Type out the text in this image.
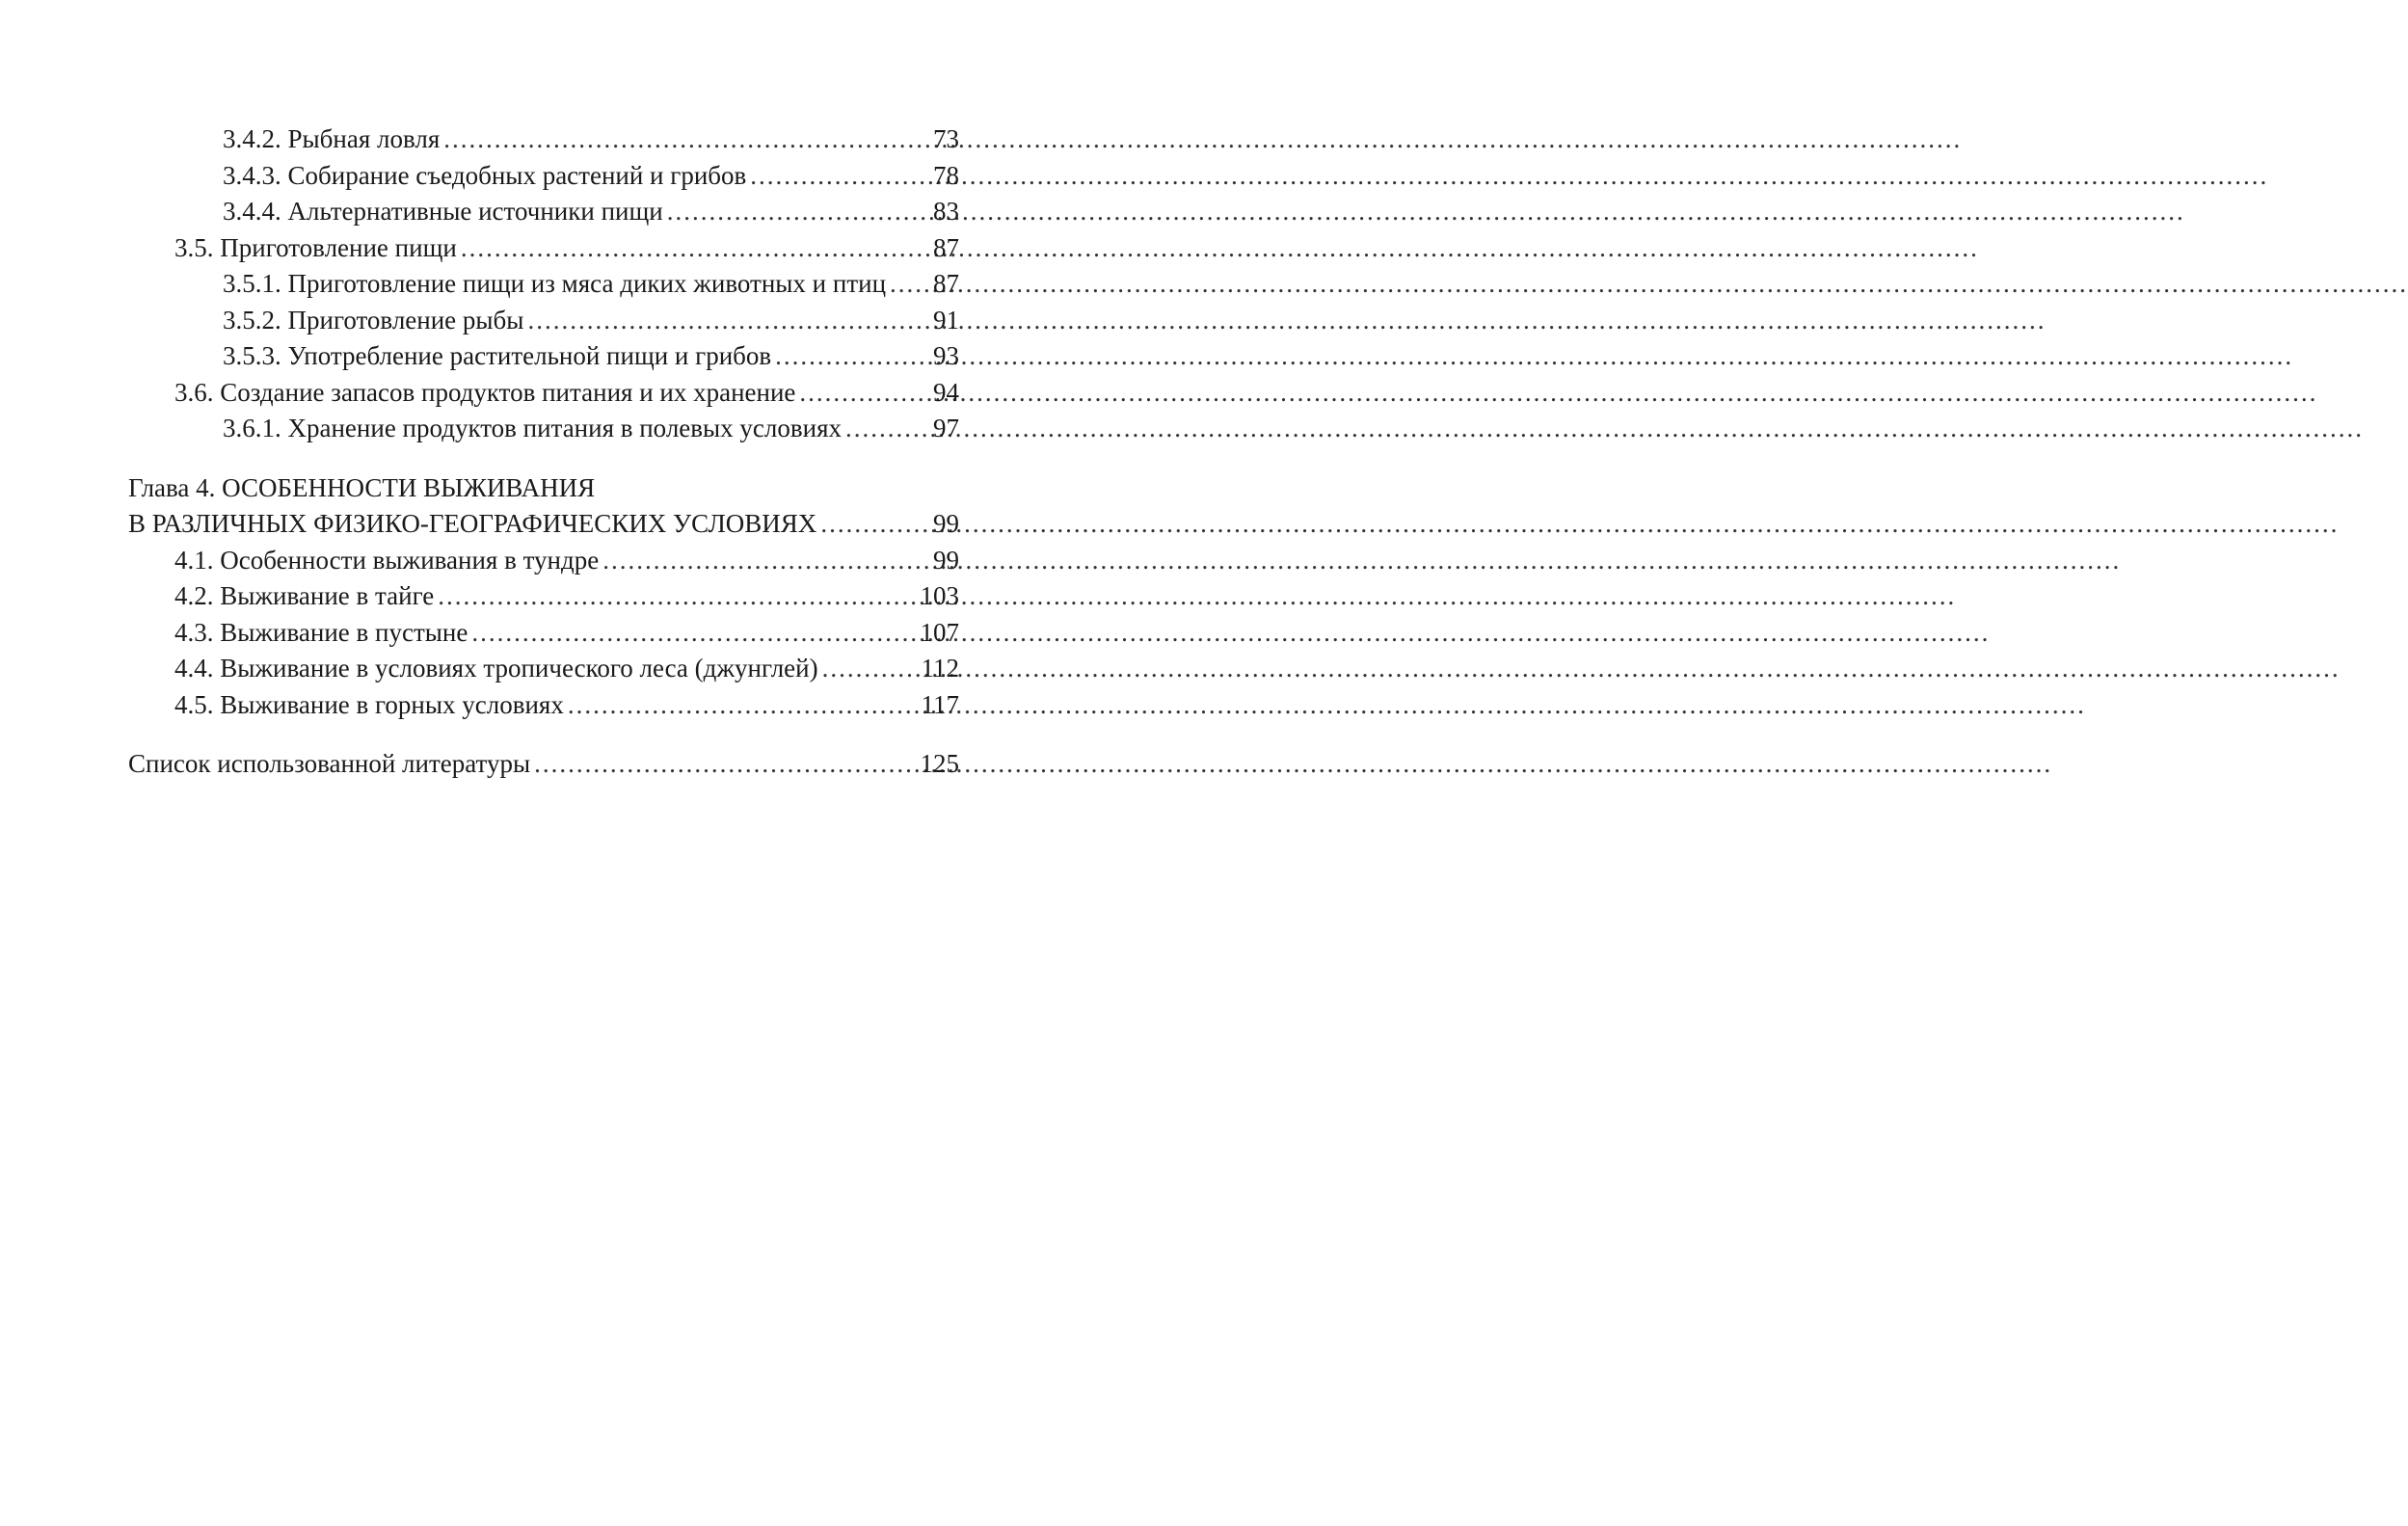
3.4.2. Рыбная ловля .....	73
3.4.3. Собирание съедобных растений и грибов .....	78
3.4.4. Альтернативные источники пищи .....	83
3.5. Приготовление пищи .....	87
3.5.1. Приготовление пищи из мяса диких животных и птиц ..... 87
3.5.2. Приготовление рыбы .....	91
3.5.3. Употребление растительной пищи и грибов .....	93
3.6. Создание запасов продуктов питания и их хранение .....	94
3.6.1. Хранение продуктов питания в полевых условиях .....	97
Глава 4. ОСОБЕННОСТИ ВЫЖИВАНИЯ
В РАЗЛИЧНЫХ ФИЗИКО-ГЕОГРАФИЧЕСКИХ УСЛОВИЯХ .....	99
4.1. Особенности выживания в тундре .....	99
4.2. Выживание в тайге .....	103
4.3. Выживание в пустыне .....	107
4.4. Выживание в условиях тропического леса (джунглей) .....	112
4.5. Выживание в горных условиях .....	117
Список использованной литературы .....	125
